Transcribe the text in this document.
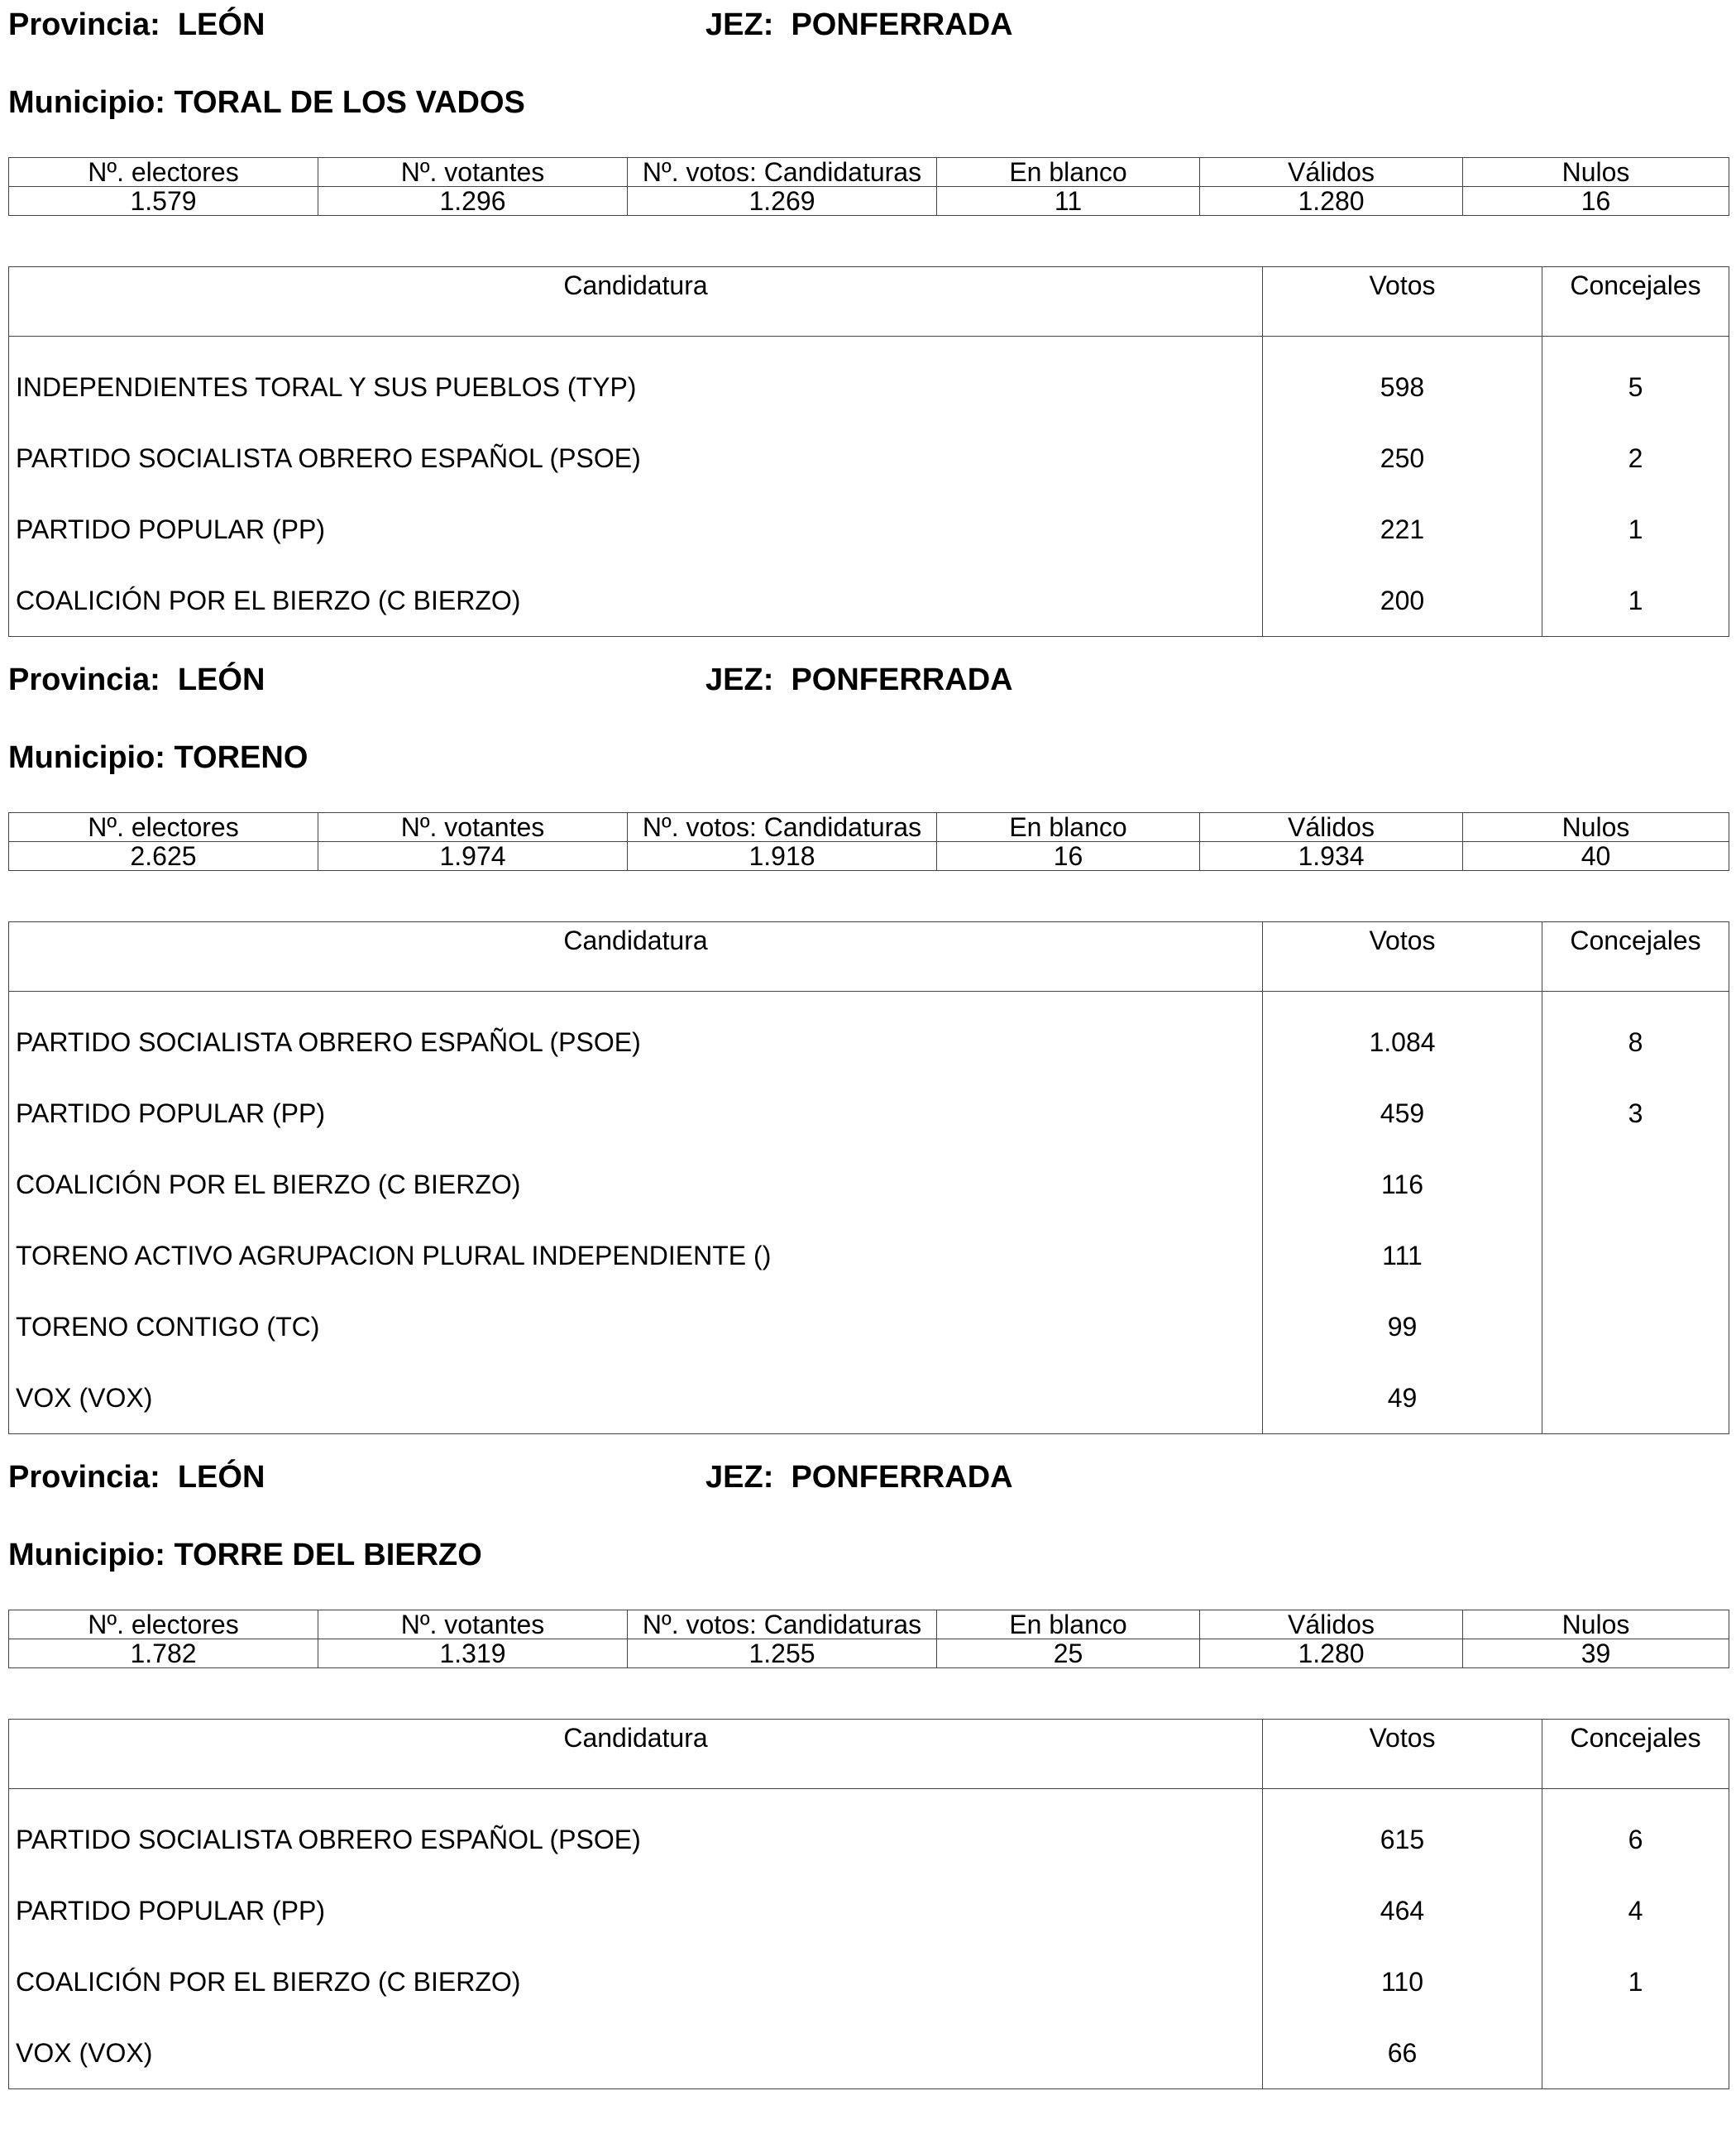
Provincia:  LEÓN	JEZ:  PONFERRADA
Municipio: TORAL DE LOS VADOS
Nº. electores	Nº. votantes	Nº. votos: Candidaturas	En blanco	Válidos	Nulos
1.579	1.296	1.269	11	1.280	16
Candidatura	Votos	Concejales
INDEPENDIENTES TORAL Y SUS PUEBLOS (TYP)	598	5
PARTIDO SOCIALISTA OBRERO ESPAÑOL (PSOE)	250	2
PARTIDO POPULAR (PP)	221	1
COALICIÓN POR EL BIERZO (C BIERZO)	200	1
Provincia:  LEÓN	JEZ:  PONFERRADA
Municipio: TORENO
Nº. electores	Nº. votantes	Nº. votos: Candidaturas	En blanco	Válidos	Nulos
2.625	1.974	1.918	16	1.934	40
Candidatura	Votos	Concejales
PARTIDO SOCIALISTA OBRERO ESPAÑOL (PSOE)	1.084	8
PARTIDO POPULAR (PP)	459	3
COALICIÓN POR EL BIERZO (C BIERZO)	116	
TORENO ACTIVO AGRUPACION PLURAL INDEPENDIENTE ()	111	
TORENO CONTIGO (TC)	99	
VOX (VOX)	49	
Provincia:  LEÓN	JEZ:  PONFERRADA
Municipio: TORRE DEL BIERZO
Nº. electores	Nº. votantes	Nº. votos: Candidaturas	En blanco	Válidos	Nulos
1.782	1.319	1.255	25	1.280	39
Candidatura	Votos	Concejales
PARTIDO SOCIALISTA OBRERO ESPAÑOL (PSOE)	615	6
PARTIDO POPULAR (PP)	464	4
COALICIÓN POR EL BIERZO (C BIERZO)	110	1
VOX (VOX)	66	
